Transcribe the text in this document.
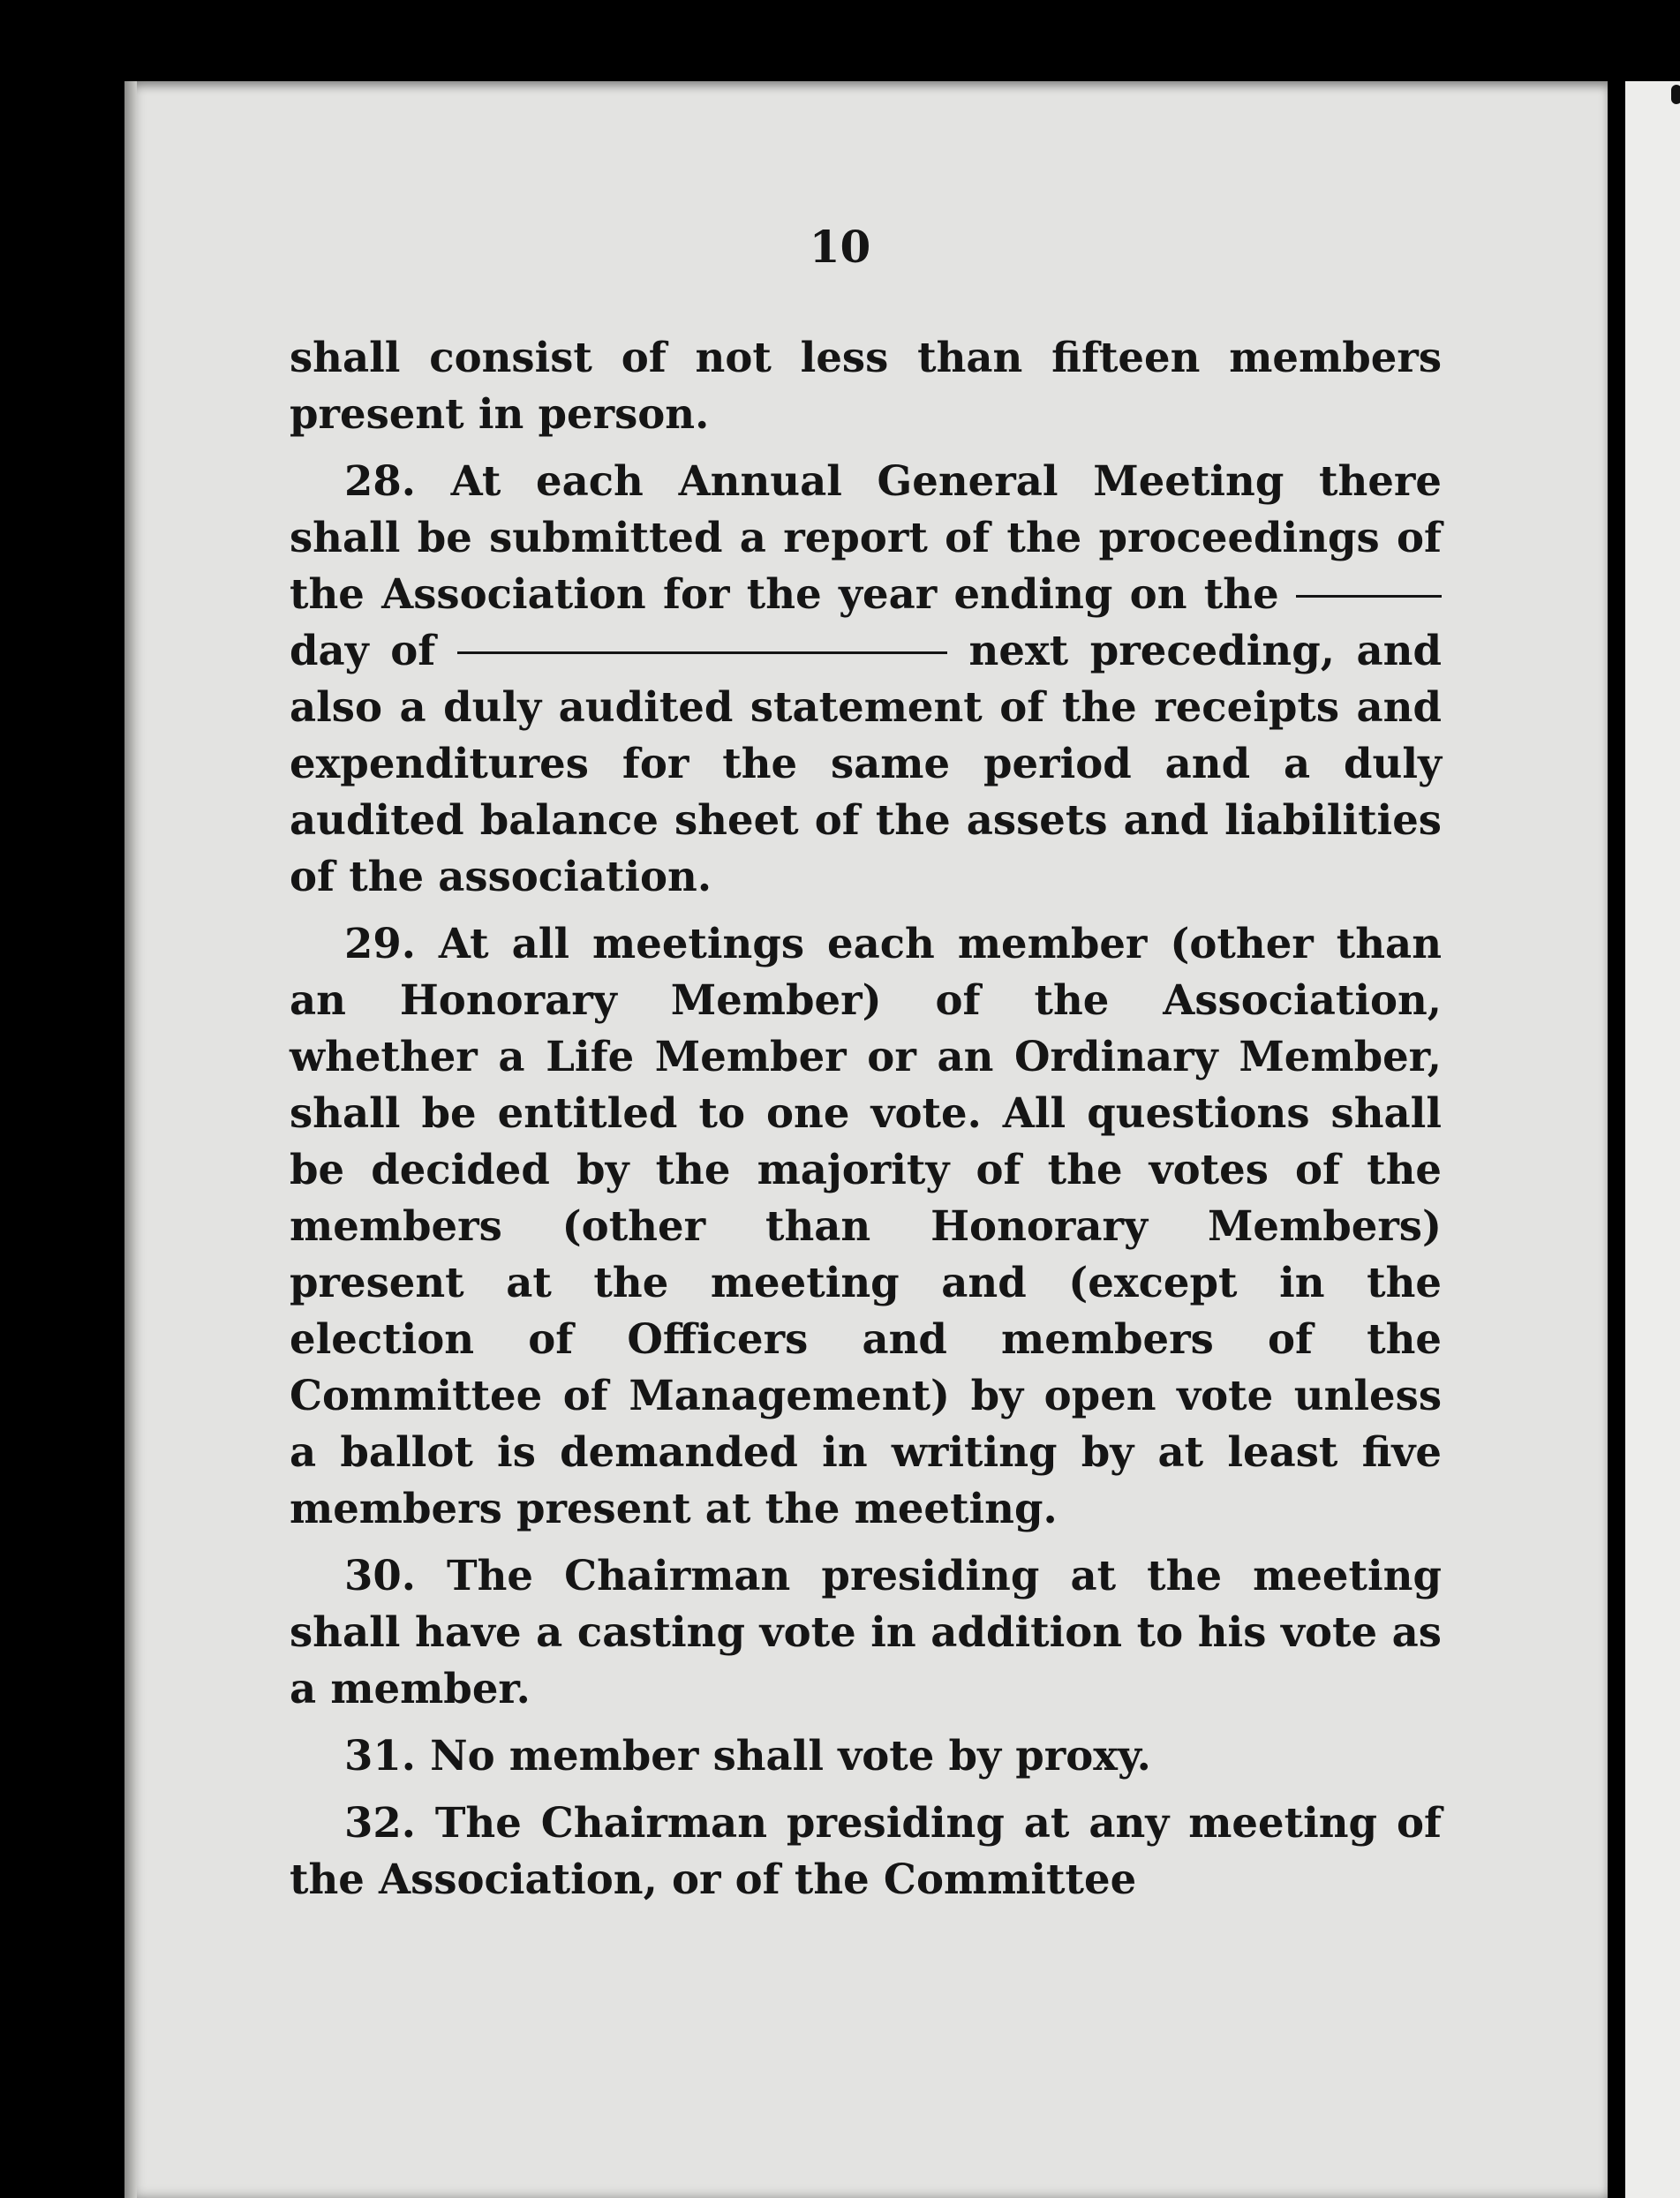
10

shall consist of not less than fifteen members present in person.

28. At each Annual General Meeting there shall be submitted a report of the proceedings of the Association for the year ending on the day of	next preceding, and also a duly audited statement of the receipts and expenditures for the same period and a duly audited balance sheet of the assets and liabilities of the association.

29. At all meetings each member (other than an Honorary Member) of the Association, whether a Life Member or an Ordinary Member, shall be entitled to one vote. All questions shall be decided by the majority of the votes of the members (other than Honorary Members) present at the meeting and (except in the election of Officers and members of the Committee of Management) by open vote unless a ballot is demanded in writing by at least five members present at the meeting.

30. The Chairman presiding at the meeting shall have a casting vote in addition to his vote as a member.

31. No member shall vote by proxy.

32. The Chairman presiding at any meeting of the Association, or of the Committee
